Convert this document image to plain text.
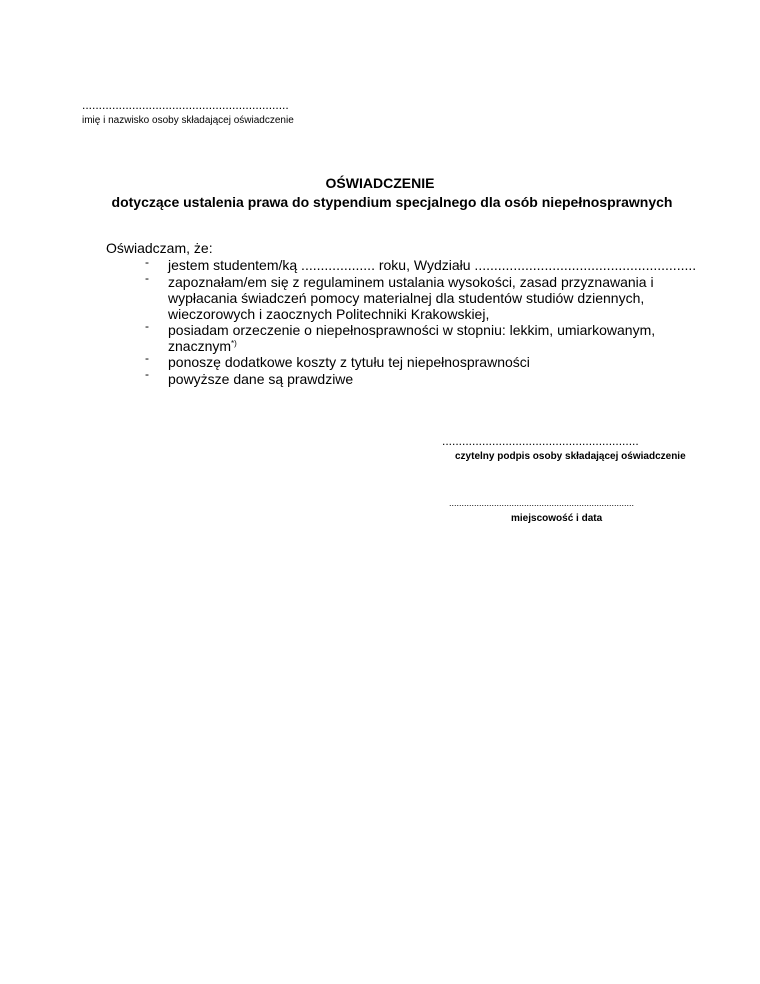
..............................................................
imię i nazwisko osoby składającej oświadczenie
OŚWIADCZENIE
dotyczące ustalenia prawa do stypendium specjalnego dla osób niepełnosprawnych
Oświadczam, że:
- jestem studentem/ką ................... roku, Wydziału .........................................................
- zapoznałam/em się z regulaminem ustalania wysokości, zasad przyznawania i
wypłacania świadczeń pomocy materialnej dla studentów studiów dziennych,
wieczorowych i zaocznych Politechniki Krakowskiej,
- posiadam orzeczenie o niepełnosprawności w stopniu: lekkim, umiarkowanym,
znacznym*)
- ponoszę dodatkowe koszty z tytułu tej niepełnosprawności
- powyższe dane są prawdziwe
...........................................................
czytelny podpis osoby składającej oświadczenie
..........................................................................
miejscowość i data
